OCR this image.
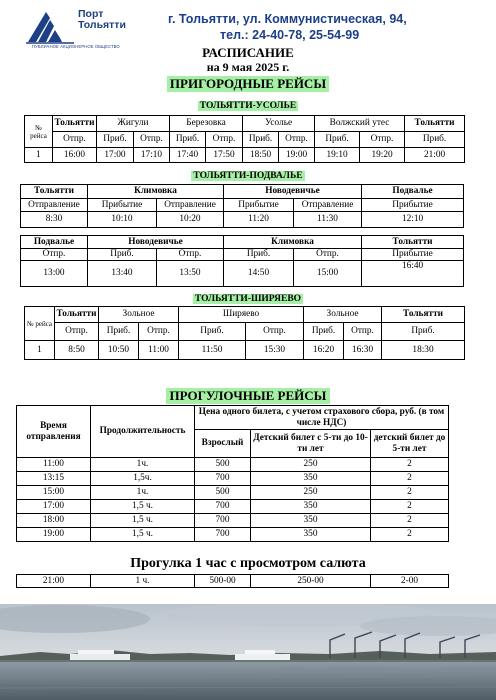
Порт
Тольятти
ПУБЛИЧНОЕ АКЦИОНЕРНОЕ ОБЩЕСТВО
г. Тольятти, ул. Коммунистическая, 94,
тел.: 24-40-78, 25-54-99
РАСПИСАНИЕ
на 9 мая 2025 г.
ПРИГОРОДНЫЕ РЕЙСЫ
ТОЛЬЯТТИ-УСОЛЬЕ
№ рейса	Тольятти	Жигули		Березовка		Усолье		Волжский утес		Тольятти
	Отпр.	Приб.	Отпр.	Приб.	Отпр.	Приб.	Отпр.	Приб.	Отпр.	Приб.
1	16:00	17:00	17:10	17:40	17:50	18:50	19:00	19:10	19:20	21:00
ТОЛЬЯТТИ-ПОДВАЛЬЕ
Тольятти	Климовка		Новодевичье		Подвалье
Отправление	Прибытие	Отправление	Прибытие	Отправление	Прибытие
8:30	10:10	10:20	11:20	11:30	12:10
Подвалье	Новодевичье		Климовка		Тольятти
Отпр.	Приб.	Отпр.	Приб.	Отпр.	Прибытие
13:00	13:40	13:50	14:50	15:00	16:40
ТОЛЬЯТТИ-ШИРЯЕВО
№ рейса	Тольятти	Зольное		Ширяево		Зольное		Тольятти
	Отпр.	Приб.	Отпр.	Приб.	Отпр.	Приб.	Отпр.	Приб.
1	8:50	10:50	11:00	11:50	15:30	16:20	16:30	18:30
ПРОГУЛОЧНЫЕ РЕЙСЫ
Время отправления	Продолжительность	Цена одного билета, с учетом страхового сбора, руб. (в том числе НДС)		
		Взрослый	Детский билет с 5-ти до 10-ти лет	детский билет до 5-ти лет
11:00	1ч.	500	250	2
13:15	1,5ч.	700	350	2
15:00	1ч.	500	250	2
17:00	1,5 ч.	700	350	2
18:00	1,5 ч.	700	350	2
19:00	1,5 ч.	700	350	2
Прогулка 1 час с просмотром салюта
21:00	1 ч.	500-00	250-00	2-00
